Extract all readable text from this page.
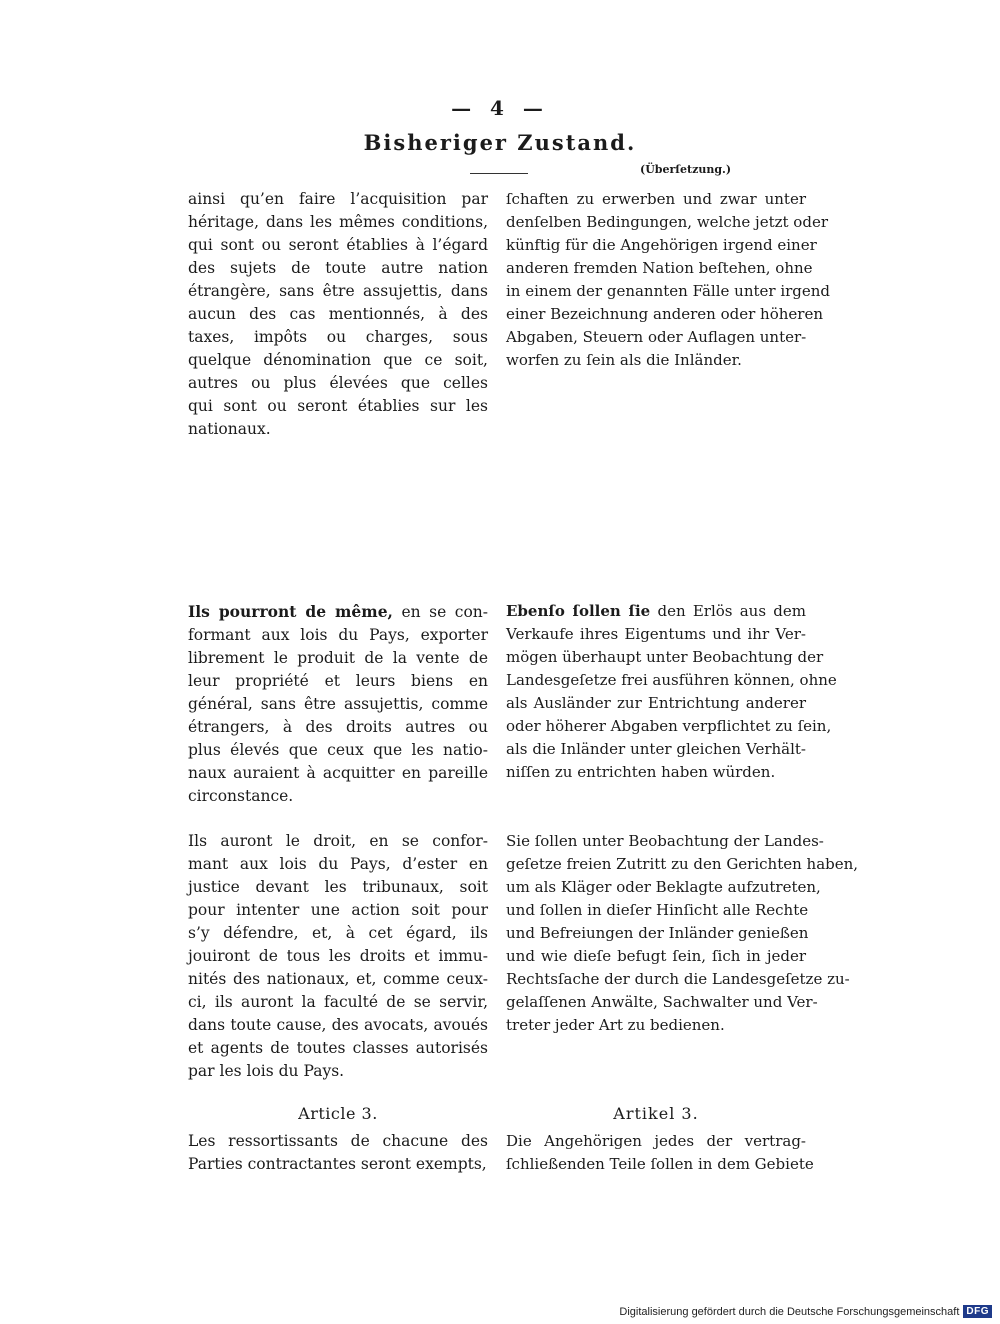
— 4 —
Bisheriger Zustand.
(Überſetzung.)
ainsi qu’en faire l’acquisition par
héritage, dans les mêmes conditions,
qui sont ou seront établies à l’égard
des sujets de toute autre nation
étrangère, sans être assujettis, dans
aucun des cas mentionnés, à des
taxes, impôts ou charges, sous
quelque dénomination que ce soit,
autres ou plus élevées que celles
qui sont ou seront établies sur les
nationaux.
ſchaften zu erwerben und zwar unter
denſelben Bedingungen, welche jetzt oder
künftig für die Angehörigen irgend einer
anderen fremden Nation beſtehen, ohne
in einem der genannten Fälle unter irgend
einer Bezeichnung anderen oder höheren
Abgaben, Steuern oder Auflagen unter-
worfen zu ſein als die Inländer.
Ils pourront de même, en se con-
formant aux lois du Pays, exporter
librement le produit de la vente de
leur propriété et leurs biens en
général, sans être assujettis, comme
étrangers, à des droits autres ou
plus élevés que ceux que les natio-
naux auraient à acquitter en pareille
circonstance.
Ebenſo ſollen ſie den Erlös aus dem
Verkaufe ihres Eigentums und ihr Ver-
mögen überhaupt unter Beobachtung der
Landesgeſetze frei ausführen können, ohne
als Ausländer zur Entrichtung anderer
oder höherer Abgaben verpflichtet zu ſein,
als die Inländer unter gleichen Verhält-
niſſen zu entrichten haben würden.
Ils auront le droit, en se confor-
mant aux lois du Pays, d’ester en
justice devant les tribunaux, soit
pour intenter une action soit pour
s’y défendre, et, à cet égard, ils
jouiront de tous les droits et immu-
nités des nationaux, et, comme ceux-
ci, ils auront la faculté de se servir,
dans toute cause, des avocats, avoués
et agents de toutes classes autorisés
par les lois du Pays.
Sie ſollen unter Beobachtung der Landes-
geſetze freien Zutritt zu den Gerichten haben,
um als Kläger oder Beklagte aufzutreten,
und ſollen in dieſer Hinſicht alle Rechte
und Befreiungen der Inländer genießen
und wie dieſe befugt ſein, ſich in jeder
Rechtsſache der durch die Landesgeſetze zu-
gelaſſenen Anwälte, Sachwalter und Ver-
treter jeder Art zu bedienen.
Article 3.	Artikel 3.
Les ressortissants de chacune des
Parties contractantes seront exempts,
Die Angehörigen jedes der vertrag-
ſchließenden Teile ſollen in dem Gebiete
Digitalisierung gefördert durch die Deutsche Forschungsgemeinschaft DFG
